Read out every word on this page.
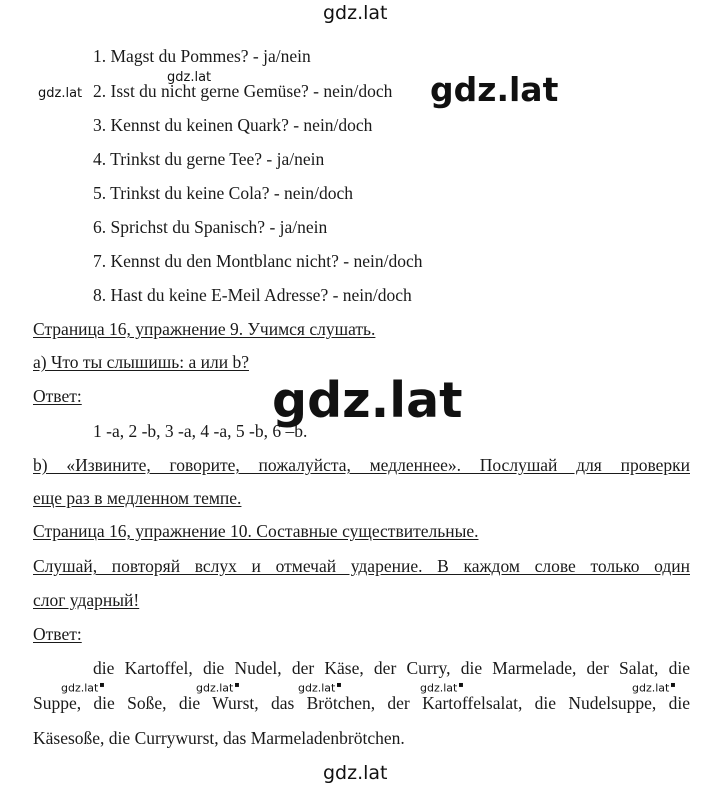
gdz.lat
1. Magst du Pommes? - ja/nein
2. Isst du nicht gerne Gemüse? - nein/doch
3. Kennst du keinen Quark? - nein/doch
4. Trinkst du gerne Tee? - ja/nein
5. Trinkst du keine Cola? - nein/doch
6. Sprichst du Spanisch? - ja/nein
7. Kennst du den Montblanc nicht? - nein/doch
8. Hast du keine E-Meil Adresse? - nein/doch
gdz.lat
gdz.lat	gdz.lat
Страница 16, упражнение 9. Учимся слушать.
а) Что ты слышишь: а или b?
Ответ:
1 -a, 2 -b, 3 -a, 4 -a, 5 -b, 6 –b.
gdz.lat
b) «Извините, говорите, пожалуйста, медленнее». Послушай для проверки
еще раз в медленном темпе.
Страница 16, упражнение 10. Составные существительные.
Слушай, повторяй вслух и отмечай ударение. В каждом слове только один
слог ударный!
Ответ:
die Kartoffel, die Nudel, der Käse, der Curry, die Marmelade, der Salat, die
Suppe, die Soße, die Wurst, das Brötchen, der Kartoffelsalat, die Nudelsuppe, die
Käsesoße, die Currywurst, das Marmeladenbrötchen.
gdz.lat ▪	gdz.lat ▪	gdz.lat ▪	gdz.lat ▪	gdz.lat ▪
gdz.lat
